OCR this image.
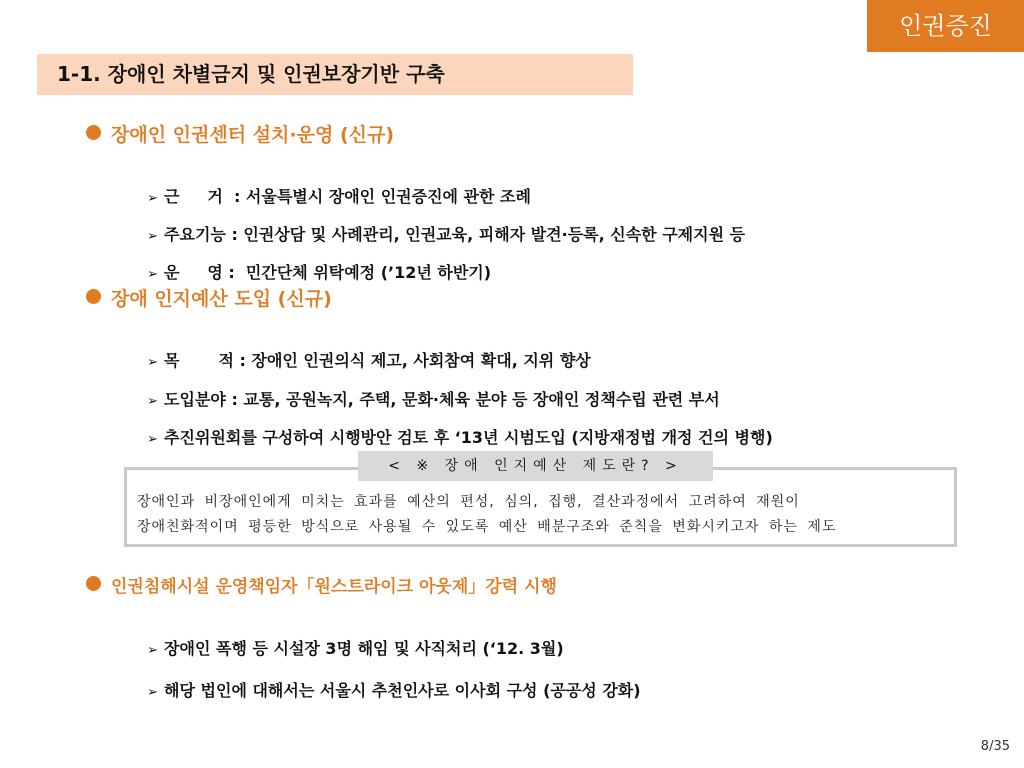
인권증진
1-1. 장애인 차별금지 및 인권보장기반 구축
장애인 인권센터 설치·운영 (신규)

➢ 근     거  : 서울특별시 장애인 인권증진에 관한 조례

➢ 주요기능 : 인권상담 및 사례관리, 인권교육, 피해자 발견·등록, 신속한 구제지원 등

➢ 운     영 :  민간단체 위탁예정 (’12년 하반기)

장애 인지예산 도입 (신규)

➢ 목       적 : 장애인 인권의식 제고, 사회참여 확대, 지위 향상

➢ 도입분야 : 교통, 공원녹지, 주택, 문화·체육 분야 등 장애인 정책수립 관련 부서

➢ 추진위원회를 구성하여 시행방안 검토 후 ‘13년 시범도입 (지방재정법 개정 건의 병행)

< ※ 장애 인지예산 제도란? >
장애인과 비장애인에게 미치는 효과를 예산의 편성, 심의, 집행, 결산과정에서 고려하여 재원이
장애친화적이며 평등한 방식으로 사용될 수 있도록 예산 배분구조와 준칙을 변화시키고자 하는 제도
인권침해시설 운영책임자「원스트라이크 아웃제」강력 시행

➢ 장애인 폭행 등 시설장 3명 해임 및 사직처리 (‘12. 3월)

➢ 해당 법인에 대해서는 서울시 추천인사로 이사회 구성 (공공성 강화)

8/35
